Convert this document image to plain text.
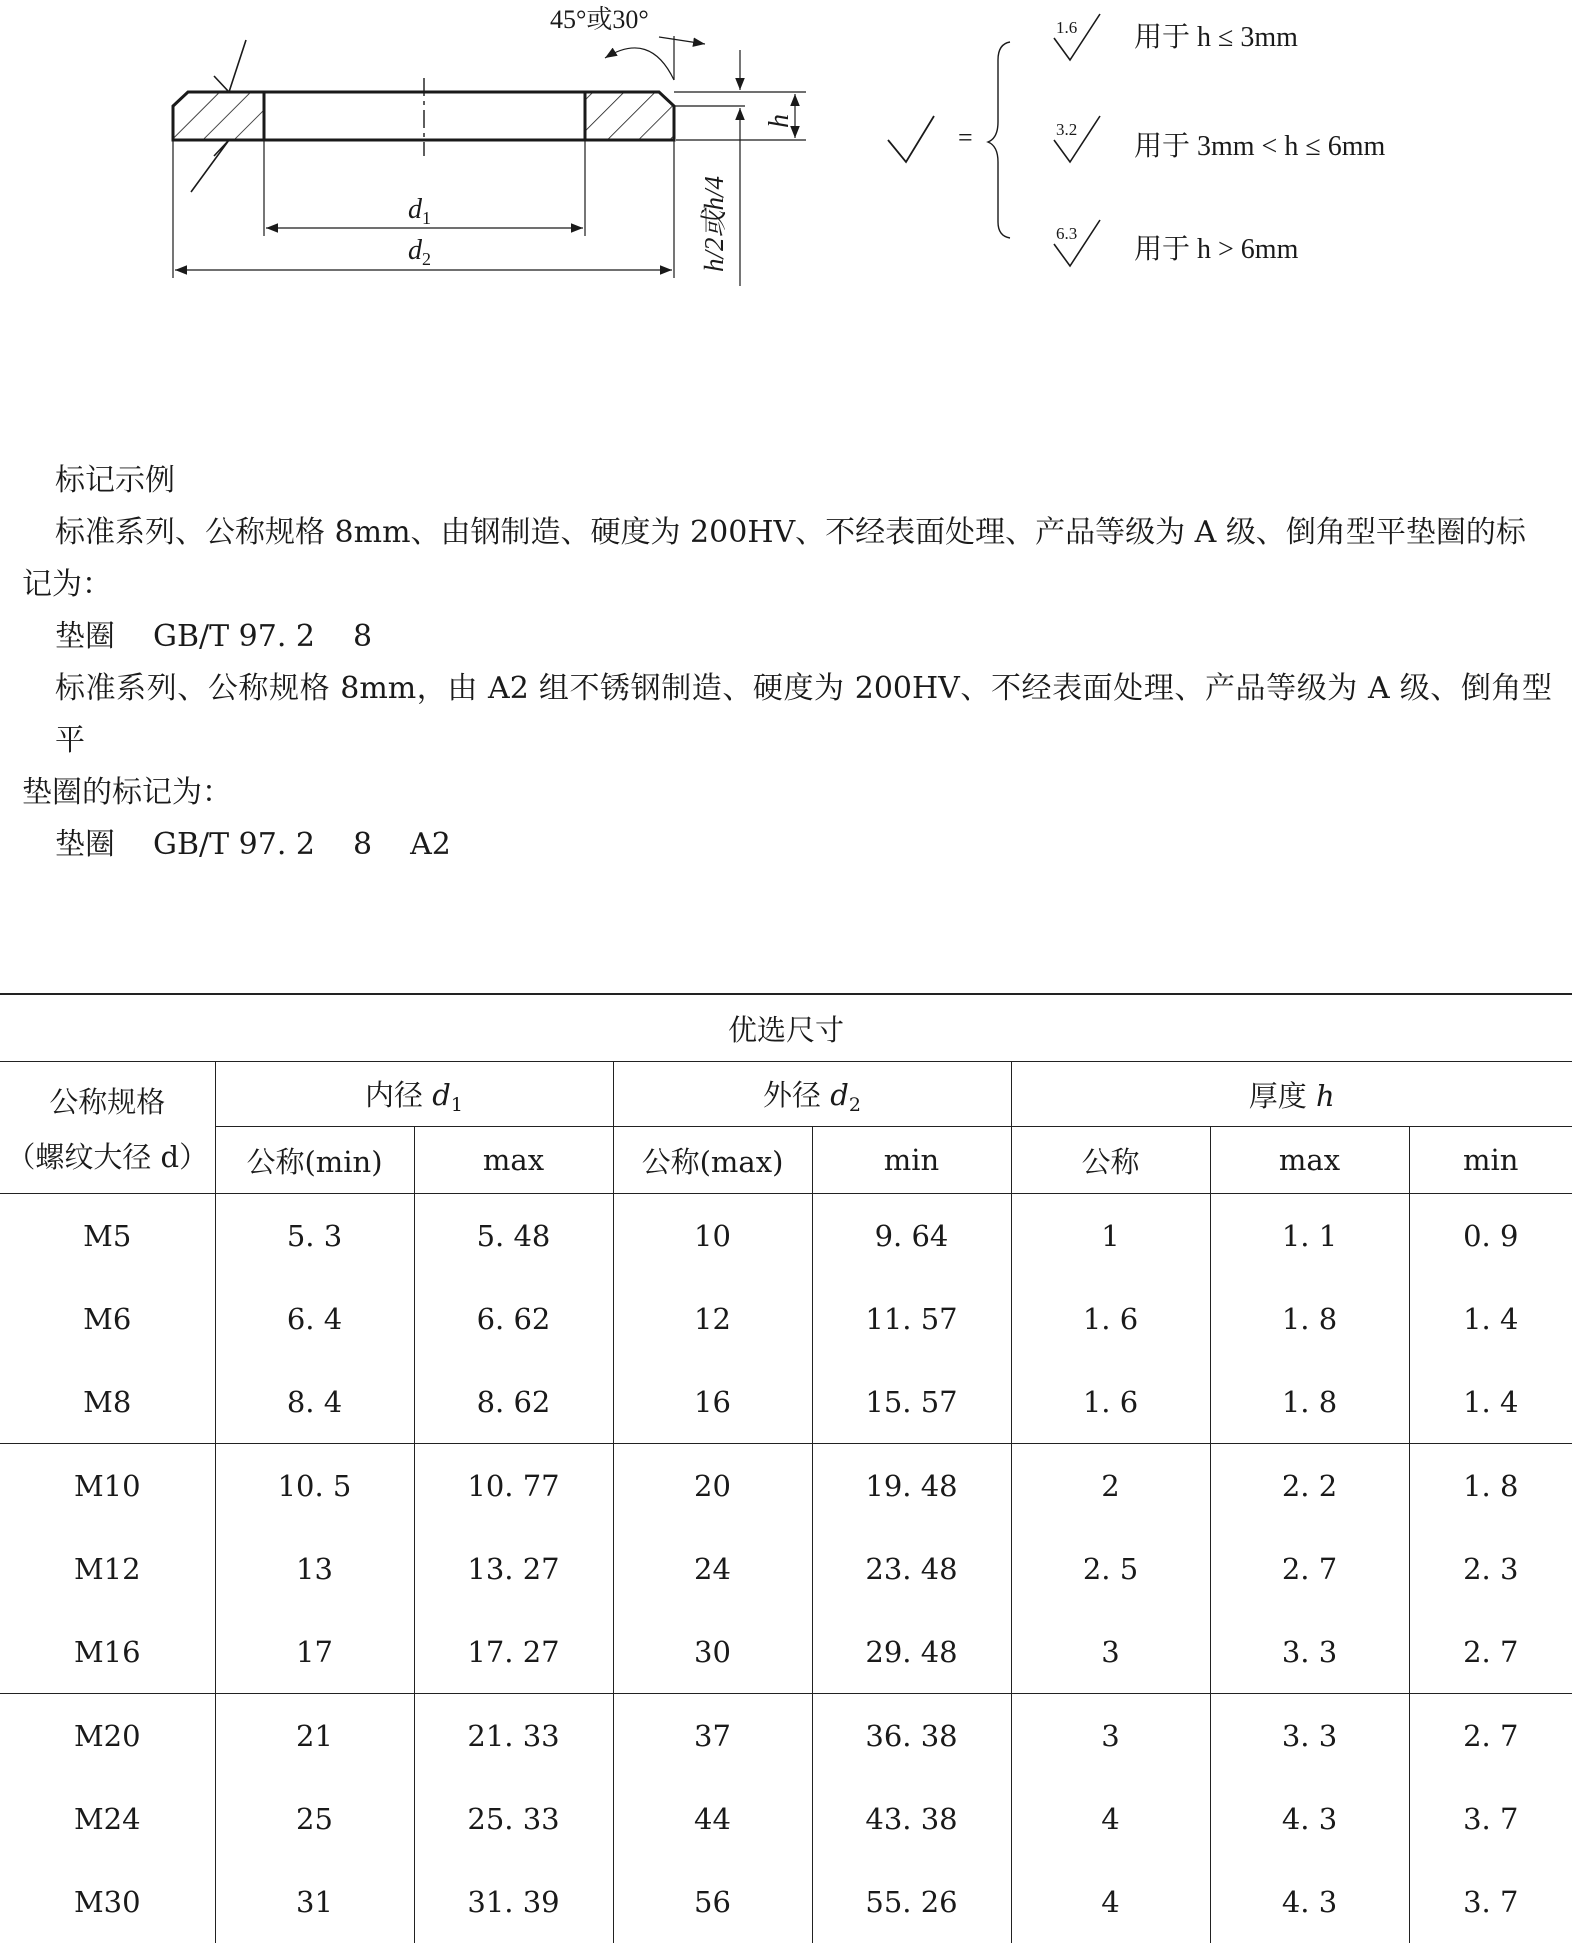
$d_1$
$d_2$
h
h/2或h/4
45°或30°
=
1.6 用于 h ≤ 3mm
3.2
用于 3mm < h ≤ 6mm
6.3
用于 h > 6mm

标记示例

标准系列、公称规格 8mm、由钢制造、硬度为 200HV、不经表面处理、产品等级为 A 级、倒角型平垫圈的标

记为：

垫圈 GB/T 97. 2 8

标准系列、公称规格 8mm，由 A2 组不锈钢制造、硬度为 200HV、不经表面处理、产品等级为 A 级、倒角型平

垫圈的标记为：

垫圈 GB/T 97. 2 8 A2

优选尺寸							

公称规格
（螺纹大径 d）	内径 $d_1$		外径 $d_2$		厚度 h		
	公称(min)	max	公称(max)	min	公称	max	min
M5	5. 3	5. 48	10	9. 64	1	1. 1	0. 9
M6	6. 4	6. 62	12	11. 57	1. 6	1. 8	1. 4
M8	8. 4	8. 62	16	15. 57	1. 6	1. 8	1. 4
M10	10. 5	10. 77	20	19. 48	2	2. 2	1. 8
M12	13	13. 27	24	23. 48	2. 5	2. 7	2. 3
M16	17	17. 27	30	29. 48	3	3. 3	2. 7
M20	21	21. 33	37	36. 38	3	3. 3	2. 7
M24	25	25. 33	44	43. 38	4	4. 3	3. 7
M30	31	31. 39	56	55. 26	4	4. 3	3. 7
